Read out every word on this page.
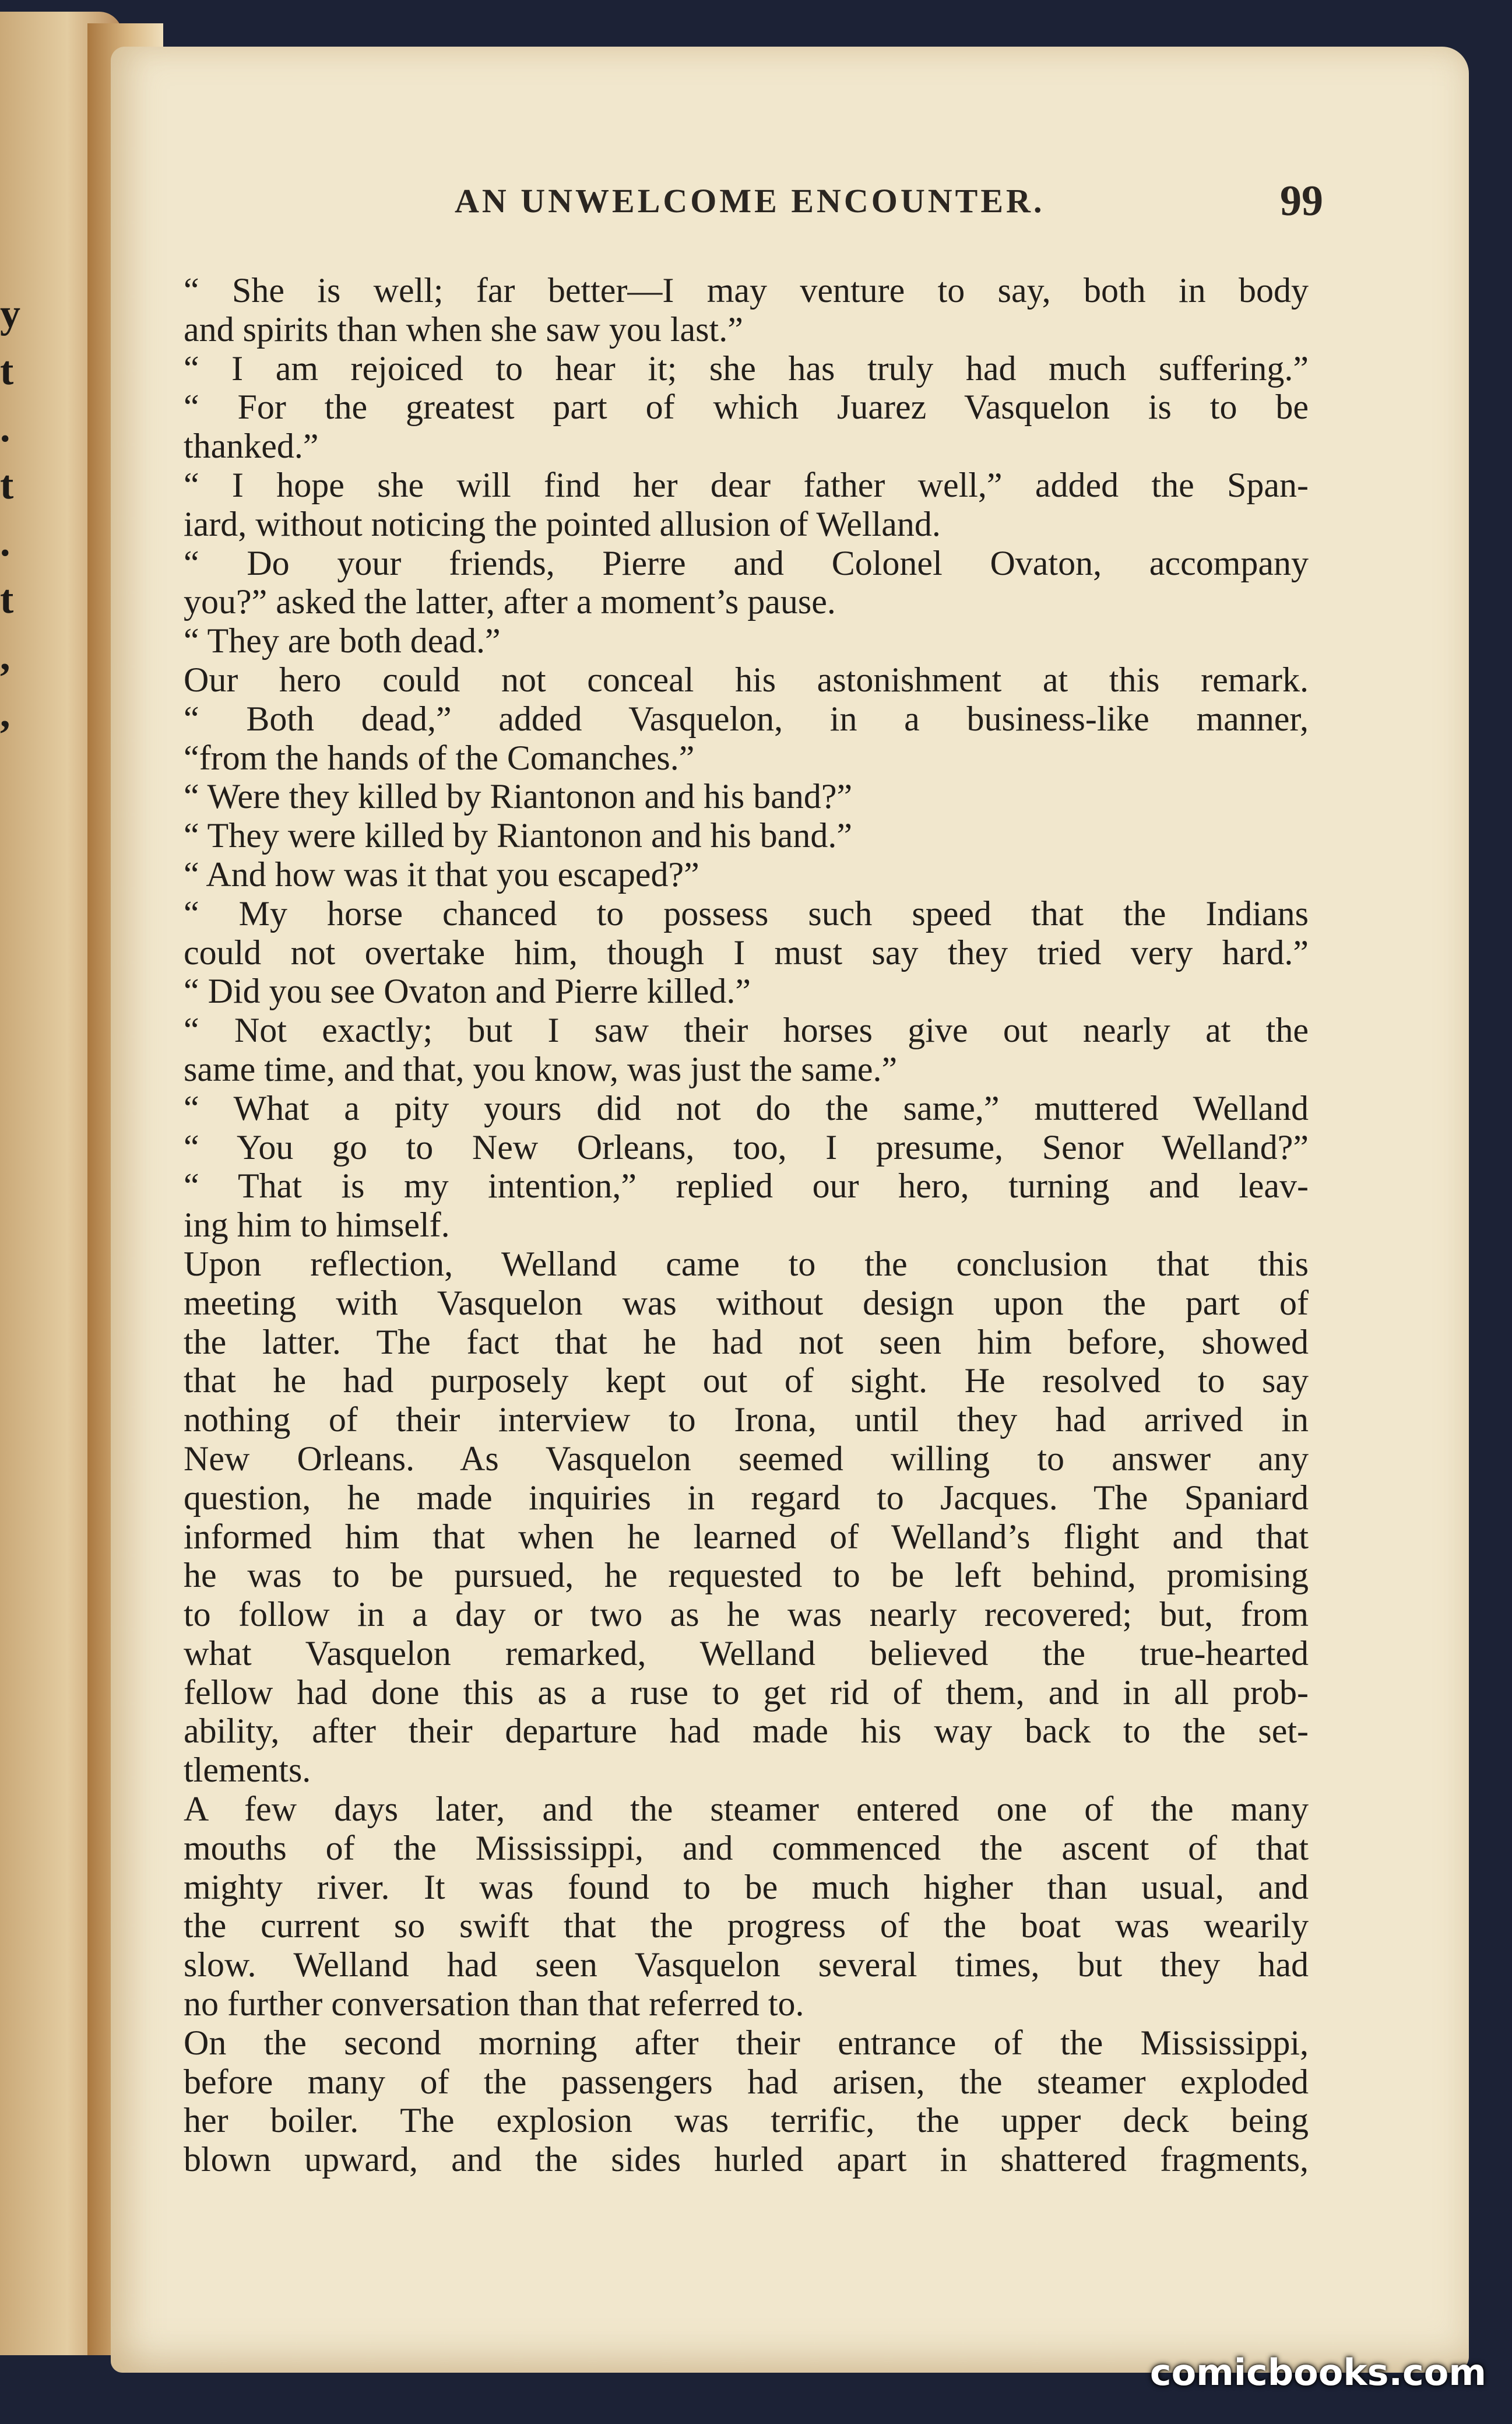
y
t
.
t
.
t
,
,
AN UNWELCOME ENCOUNTER.	99
“ She is well; far better—I may venture to say, both in body
and spirits than when she saw you last.”
“ I am rejoiced to hear it; she has truly had much suffering.”
“ For the greatest part of which Juarez Vasquelon is to be
thanked.”
“ I hope she will find her dear father well,” added the Span-
iard, without noticing the pointed allusion of Welland.
“ Do your friends, Pierre and Colonel Ovaton, accompany
you?” asked the latter, after a moment’s pause.
“ They are both dead.”
Our hero could not conceal his astonishment at this remark.
“ Both dead,” added Vasquelon, in a business-like manner,
“from the hands of the Comanches.”
“ Were they killed by Riantonon and his band?”
“ They were killed by Riantonon and his band.”
“ And how was it that you escaped?”
“ My horse chanced to possess such speed that the Indians
could not overtake him, though I must say they tried very hard.”
“ Did you see Ovaton and Pierre killed.”
“ Not exactly; but I saw their horses give out nearly at the
same time, and that, you know, was just the same.”
“ What a pity yours did not do the same,” muttered Welland
“ You go to New Orleans, too, I presume, Senor Welland?”
“ That is my intention,” replied our hero, turning and leav-
ing him to himself.
Upon reflection, Welland came to the conclusion that this
meeting with Vasquelon was without design upon the part of
the latter. The fact that he had not seen him before, showed
that he had purposely kept out of sight. He resolved to say
nothing of their interview to Irona, until they had arrived in
New Orleans. As Vasquelon seemed willing to answer any
question, he made inquiries in regard to Jacques. The Spaniard
informed him that when he learned of Welland’s flight and that
he was to be pursued, he requested to be left behind, promising
to follow in a day or two as he was nearly recovered; but, from
what Vasquelon remarked, Welland believed the true-hearted
fellow had done this as a ruse to get rid of them, and in all prob-
ability, after their departure had made his way back to the set-
tlements.
A few days later, and the steamer entered one of the many
mouths of the Mississippi, and commenced the ascent of that
mighty river. It was found to be much higher than usual, and
the current so swift that the progress of the boat was wearily
slow. Welland had seen Vasquelon several times, but they had
no further conversation than that referred to.
On the second morning after their entrance of the Mississippi,
before many of the passengers had arisen, the steamer exploded
her boiler. The explosion was terrific, the upper deck being
blown upward, and the sides hurled apart in shattered fragments,
comicbooks.com
